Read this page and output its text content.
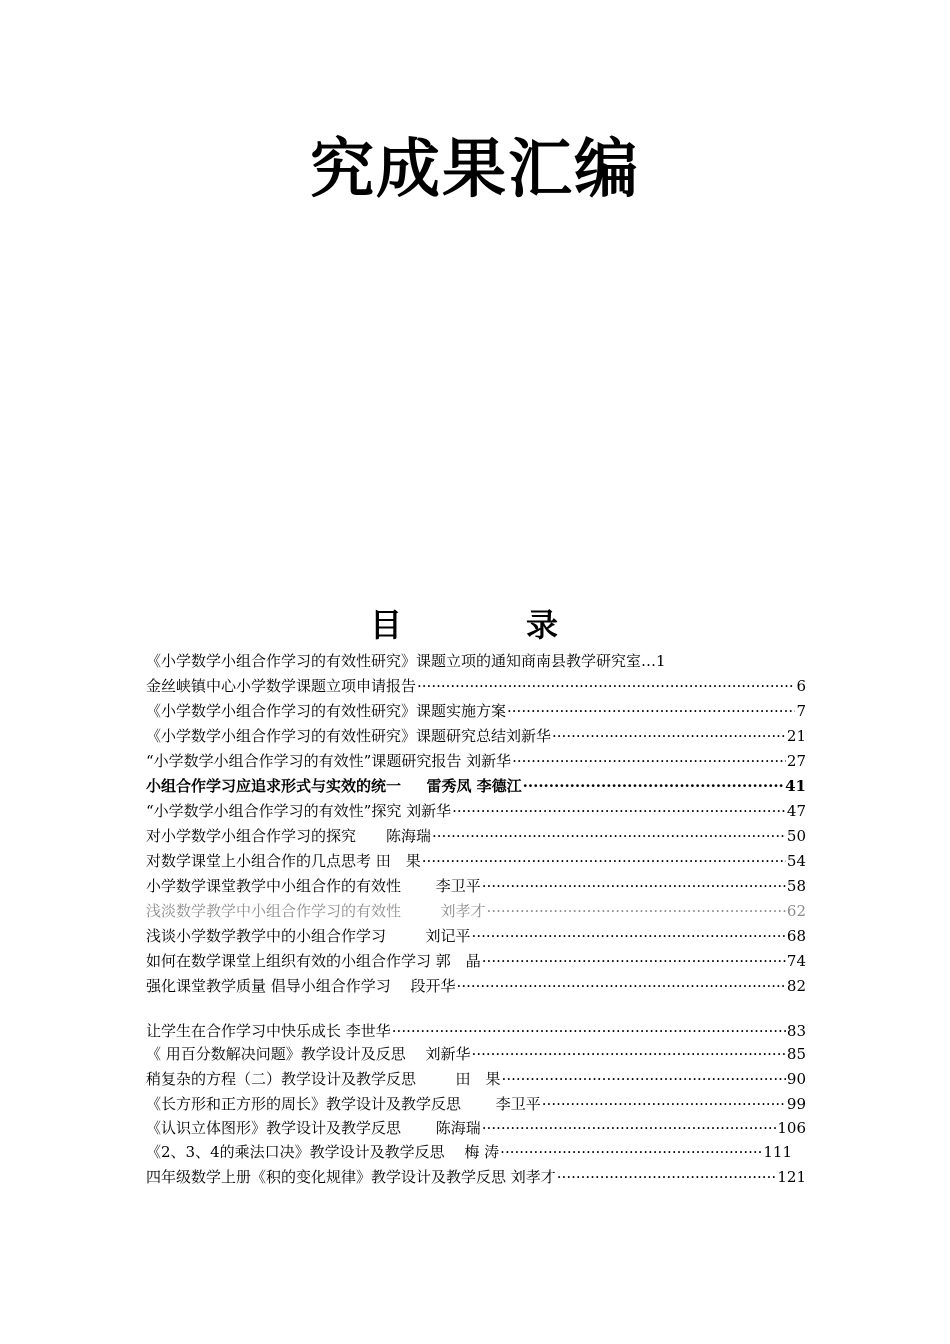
究成果汇编
目	录
《小学数学小组合作学习的有效性研究》课题立项的通知商南县教学研究室… 1
金丝峡镇中心小学数学课题立项申请报告 ·····	6
《小学数学小组合作学习的有效性研究》课题实施方案 ·····	7
《小学数学小组合作学习的有效性研究》课题研究总结刘新华 ·····	21
“小学数学小组合作学习的有效性”课题研究报告 刘新华 ·····	27
小组合作学习应追求形式与实效的统一 　 雷秀凤 李德江 ·····	41
“小学数学小组合作学习的有效性”探究 刘新华 ·····	47
对小学数学小组合作学习的探究　　陈海瑞 ·····	50
对数学课堂上小组合作的几点思考 田　果 ·····	54
小学数学课堂教学中小组合作的有效性　 　李卫平 ·····	58
浅淡数学教学中小组合作学习的有效性 　 　刘孝才 ·····	62
浅谈小学数学教学中的小组合作学习 　 　刘记平 ·····	68
如何在数学课堂上组织有效的小组合作学习 郭　晶 ·····	74
强化课堂教学质量 倡导小组合作学习 　段开华 ·····	82
让学生在合作学习中快乐成长 李世华 ·····	83
《 用百分数解决问题》教学设计及反思 　刘新华 ·····	85
稍复杂的方程（二）教学设计及教学反思 　 　田　果 ·····	90
《长方形和正方形的周长》教学设计及教学反思　　 李卫平 ·····	99
《认识立体图形》教学设计及教学反思 　　陈海瑞 ·····	106
《2、3、4的乘法口决》教学设计及教学反思　 梅 涛 ·····	111
四年级数学上册《积的变化规律》教学设计及教学反思 刘孝才 ·····	121
